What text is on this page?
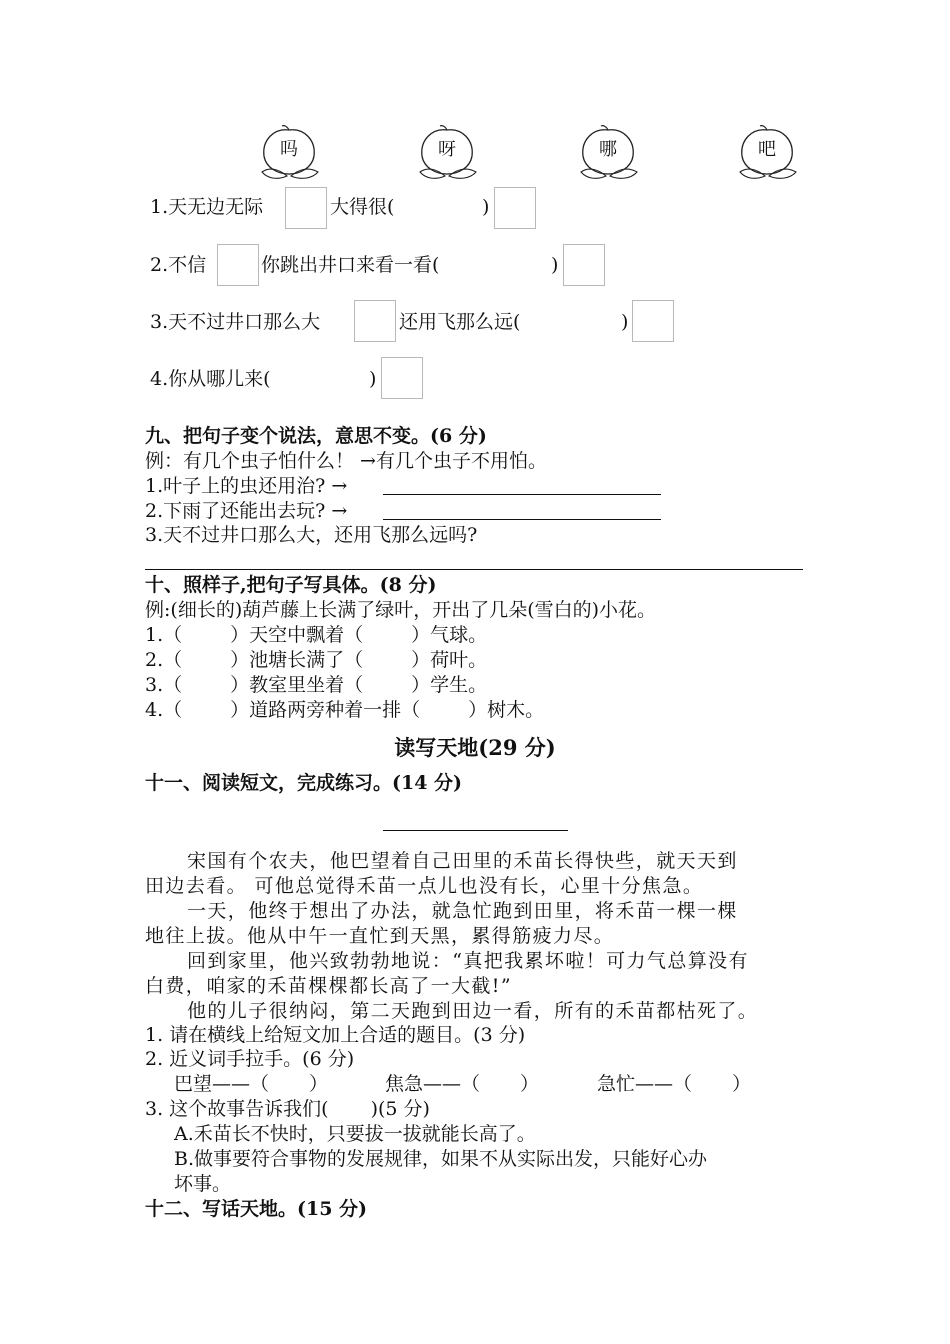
吗	呀	哪	吧
1.天无边无际	大得很(	)
2.不信	你跳出井口来看一看(	)
3.天不过井口那么大	还用飞那么远(	)
4.你从哪儿来(	)
九、把句子变个说法，意思不变。(6 分)
例：有几个虫子怕什么！ →有几个虫子不用怕。
1.叶子上的虫还用治? →
2.下雨了还能出去玩? →
3.天不过井口那么大，还用飞那么远吗?
十、照样子,把句子写具体。(8 分)
例:(细长的)葫芦藤上长满了绿叶，开出了几朵(雪白的)小花。
1.（	）天空中飘着（	）气球。
2.（	）池塘长满了（	）荷叶。
3.（	）教室里坐着（	）学生。
4.（	）道路两旁种着一排（	）树木。
读写天地(29 分)
十一、阅读短文，完成练习。(14 分)
宋国有个农夫，他巴望着自己田里的禾苗长得快些，就天天到
田边去看。 可他总觉得禾苗一点儿也没有长，心里十分焦急。
一天，他终于想出了办法，就急忙跑到田里，将禾苗一棵一棵
地往上拔。他从中午一直忙到天黑，累得筋疲力尽。
回到家里，他兴致勃勃地说：“真把我累坏啦！可力气总算没有
白费，咱家的禾苗棵棵都长高了一大截!”
他的儿子很纳闷，第二天跑到田边一看，所有的禾苗都枯死了。
1. 请在横线上给短文加上合适的题目。(3 分)
2. 近义词手拉手。(6 分)
巴望——（ ）	焦急——（ ）	急忙——（ ）
3. 这个故事告诉我们( )(5 分)
A.禾苗长不快时，只要拔一拔就能长高了。
B.做事要符合事物的发展规律，如果不从实际出发，只能好心办
坏事。
十二、写话天地。(15 分)
